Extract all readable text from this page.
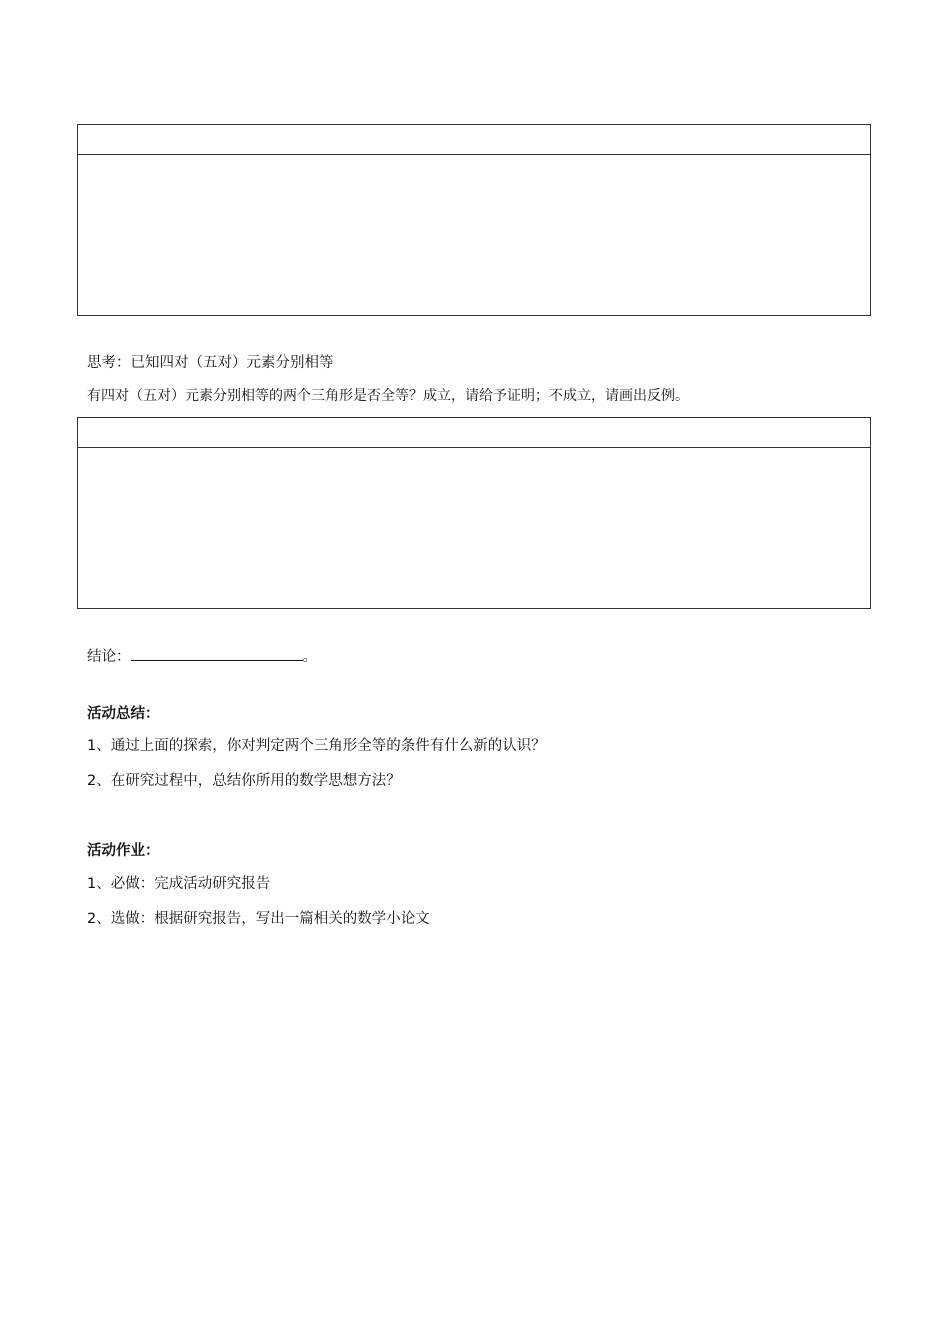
思考：已知四对（五对）元素分别相等
有四对（五对）元素分别相等的两个三角形是否全等？成立，请给予证明；不成立，请画出反例。
结论：	。
活动总结：
1、通过上面的探索，你对判定两个三角形全等的条件有什么新的认识？
2、在研究过程中，总结你所用的数学思想方法？
活动作业：
1、必做：完成活动研究报告
2、选做：根据研究报告，写出一篇相关的数学小论文
